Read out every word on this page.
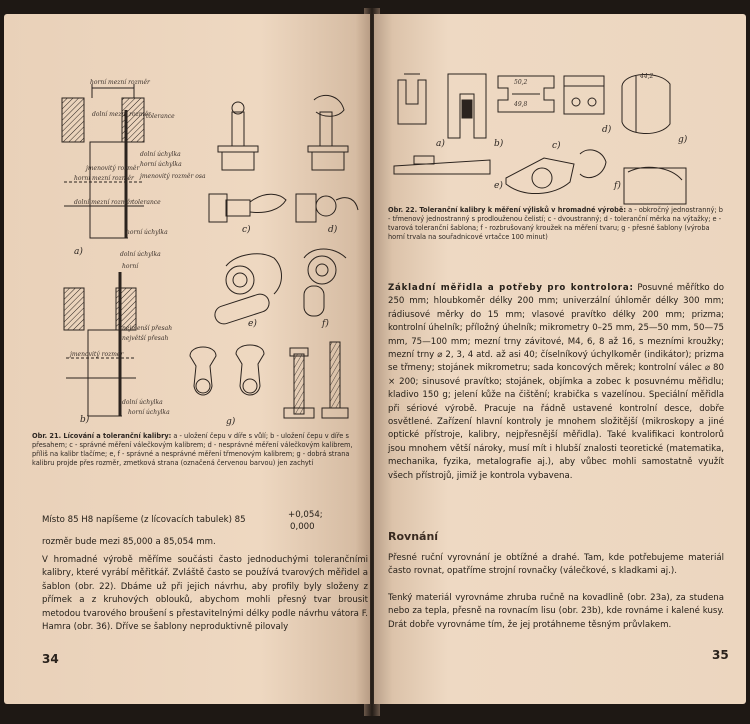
horní mezní rozměr
dolní mezní rozměr
tolerance
dolní úchylka
horní úchylka
jmenovitý rozměr
horní mezní rozměr jmenovitý rozměr osa
dolní mezní rozměr tolerance
horní úchylka
dolní úchylka
horní
nejmenší přesah
největší přesah
jmenovitý rozměr
dolní úchylka
horní úchylka
a)
b)
c)	d)
e)	f)
g)
Obr. 21. Lícování a toleranční kalibry: a - uložení čepu v díře s vůlí; b - uložení čepu v díře s přesahem; c - správné měření válečkovým kalibrem; d - nesprávné měření válečkovým kalibrem, příliš na kalibr tlačíme; e, f - správné a nesprávné měření třmenovým kalibrem; g - dobrá strana kalibru projde přes rozměr, zmetková strana (označená červenou barvou) jen zachytí
Místo 85 H8 napíšeme (z lícovacích tabulek) 85	+0,054;
0,000
rozměr bude mezi 85,000 a 85,054 mm.
V hromadné výrobě měříme součásti často jednoduchými tolerančními kalibry, které vyrábí měřitkář. Zvláště často se používá tvarových měřidel a šablon (obr. 22). Dbáme už při jejich návrhu, aby profily byly složeny z přímek a z kruhových oblouků, abychom mohli přesný tvar brousit metodou tvarového broušení s přestavitelnými délky podle návrhu vátora F. Hamra (obr. 36). Dříve se šablony neproduktivně pilovaly
34
50,2
49,8
44,2
a)	b)	c)
d)
e)	f)
g)
Obr. 22. Toleranční kalibry k měření výlisků v hromadné výrobě: a - obkročný jednostranný; b - třmenový jednostranný s prodlouženou čelistí; c - dvoustranný; d - toleranční měrka na výtažky; e - tvarová toleranční šablona; f - rozbrušovaný kroužek na měření tvaru; g - přesné šablony (výroba horní trvala na souřadnicové vrtačce 100 minut)
Základní měřidla a potřeby pro kontrolora: Posuvné měřítko do 250 mm; hloubkoměr délky 200 mm; univerzální úhloměr délky 300 mm; rádiusové měrky do 15 mm; vlasové pravítko délky 200 mm; prizma; kontrolní úhelník; příložný úhelník; mikrometry 0–25 mm, 25—50 mm, 50—75 mm, 75—100 mm; mezní trny závitové, M4, 6, 8 až 16, s mezními kroužky; mezní trny ⌀ 2, 3, 4 atd. až asi 40; číselníkový úchylkoměr (indikátor); prizma se třmeny; stojánek mikrometru; sada koncových měrek; kontrolní válec ⌀ 80 × 200; sinusové pravítko; stojánek, objímka a zobec k posuvnému měřidlu; kladivo 150 g; jelení kůže na čištění; krabička s vazelínou. Speciální měřidla při sériové výrobě. Pracuje na řádně ustavené kontrolní desce, dobře osvětlené. Zařízení hlavní kontroly je mnohem složitější (mikroskopy a jiné optické přístroje, kalibry, nejpřesnější měřidla). Také kvalifikaci kontrolorů jsou mnohem větší nároky, musí mít i hlubší znalosti teoretické (matematika, mechanika, fyzika, metalografie aj.), aby vůbec mohli samostatně využít všech přístrojů, jimiž je kontrola vybavena.
Rovnání
Přesné ruční vyrovnání je obtížné a drahé. Tam, kde potřebujeme materiál často rovnat, opatříme strojní rovnačky (válečkové, s kladkami aj.).
Tenký materiál vyrovnáme zhruba ručně na kovadlině (obr. 23a), za studena nebo za tepla, přesně na rovnacím lisu (obr. 23b), kde rovnáme i kalené kusy. Drát dobře vyrovnáme tím, že jej protáhneme těsným průvlakem.
35
